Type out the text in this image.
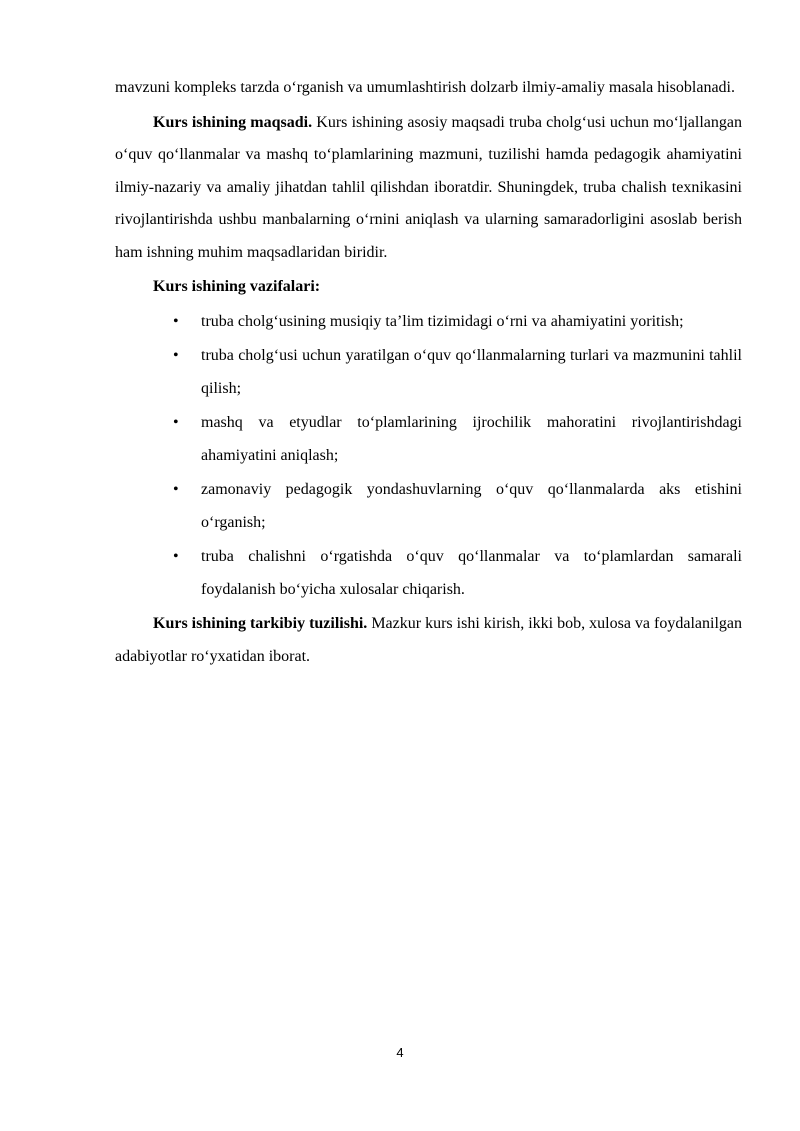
mavzuni kompleks tarzda o‘rganish va umumlashtirish dolzarb ilmiy-amaliy masala hisoblanadi.

Kurs ishining maqsadi. Kurs ishining asosiy maqsadi truba cholg‘usi uchun mo‘ljallangan o‘quv qo‘llanmalar va mashq to‘plamlarining mazmuni, tuzilishi hamda pedagogik ahamiyatini ilmiy-nazariy va amaliy jihatdan tahlil qilishdan iboratdir. Shuningdek, truba chalish texnikasini rivojlantirishda ushbu manbalarning o‘rnini aniqlash va ularning samaradorligini asoslab berish ham ishning muhim maqsadlaridan biridir.

Kurs ishining vazifalari:

• truba cholg‘usining musiqiy ta’lim tizimidagi o‘rni va ahamiyatini yoritish;
• truba cholg‘usi uchun yaratilgan o‘quv qo‘llanmalarning turlari va mazmunini tahlil qilish;
• mashq va etyudlar to‘plamlarining ijrochilik mahoratini rivojlantirishdagi ahamiyatini aniqlash;
• zamonaviy pedagogik yondashuvlarning o‘quv qo‘llanmalarda aks etishini o‘rganish;
• truba chalishni o‘rgatishda o‘quv qo‘llanmalar va to‘plamlardan samarali foydalanish bo‘yicha xulosalar chiqarish.

Kurs ishining tarkibiy tuzilishi. Mazkur kurs ishi kirish, ikki bob, xulosa va foydalanilgan adabiyotlar ro‘yxatidan iborat.

4
